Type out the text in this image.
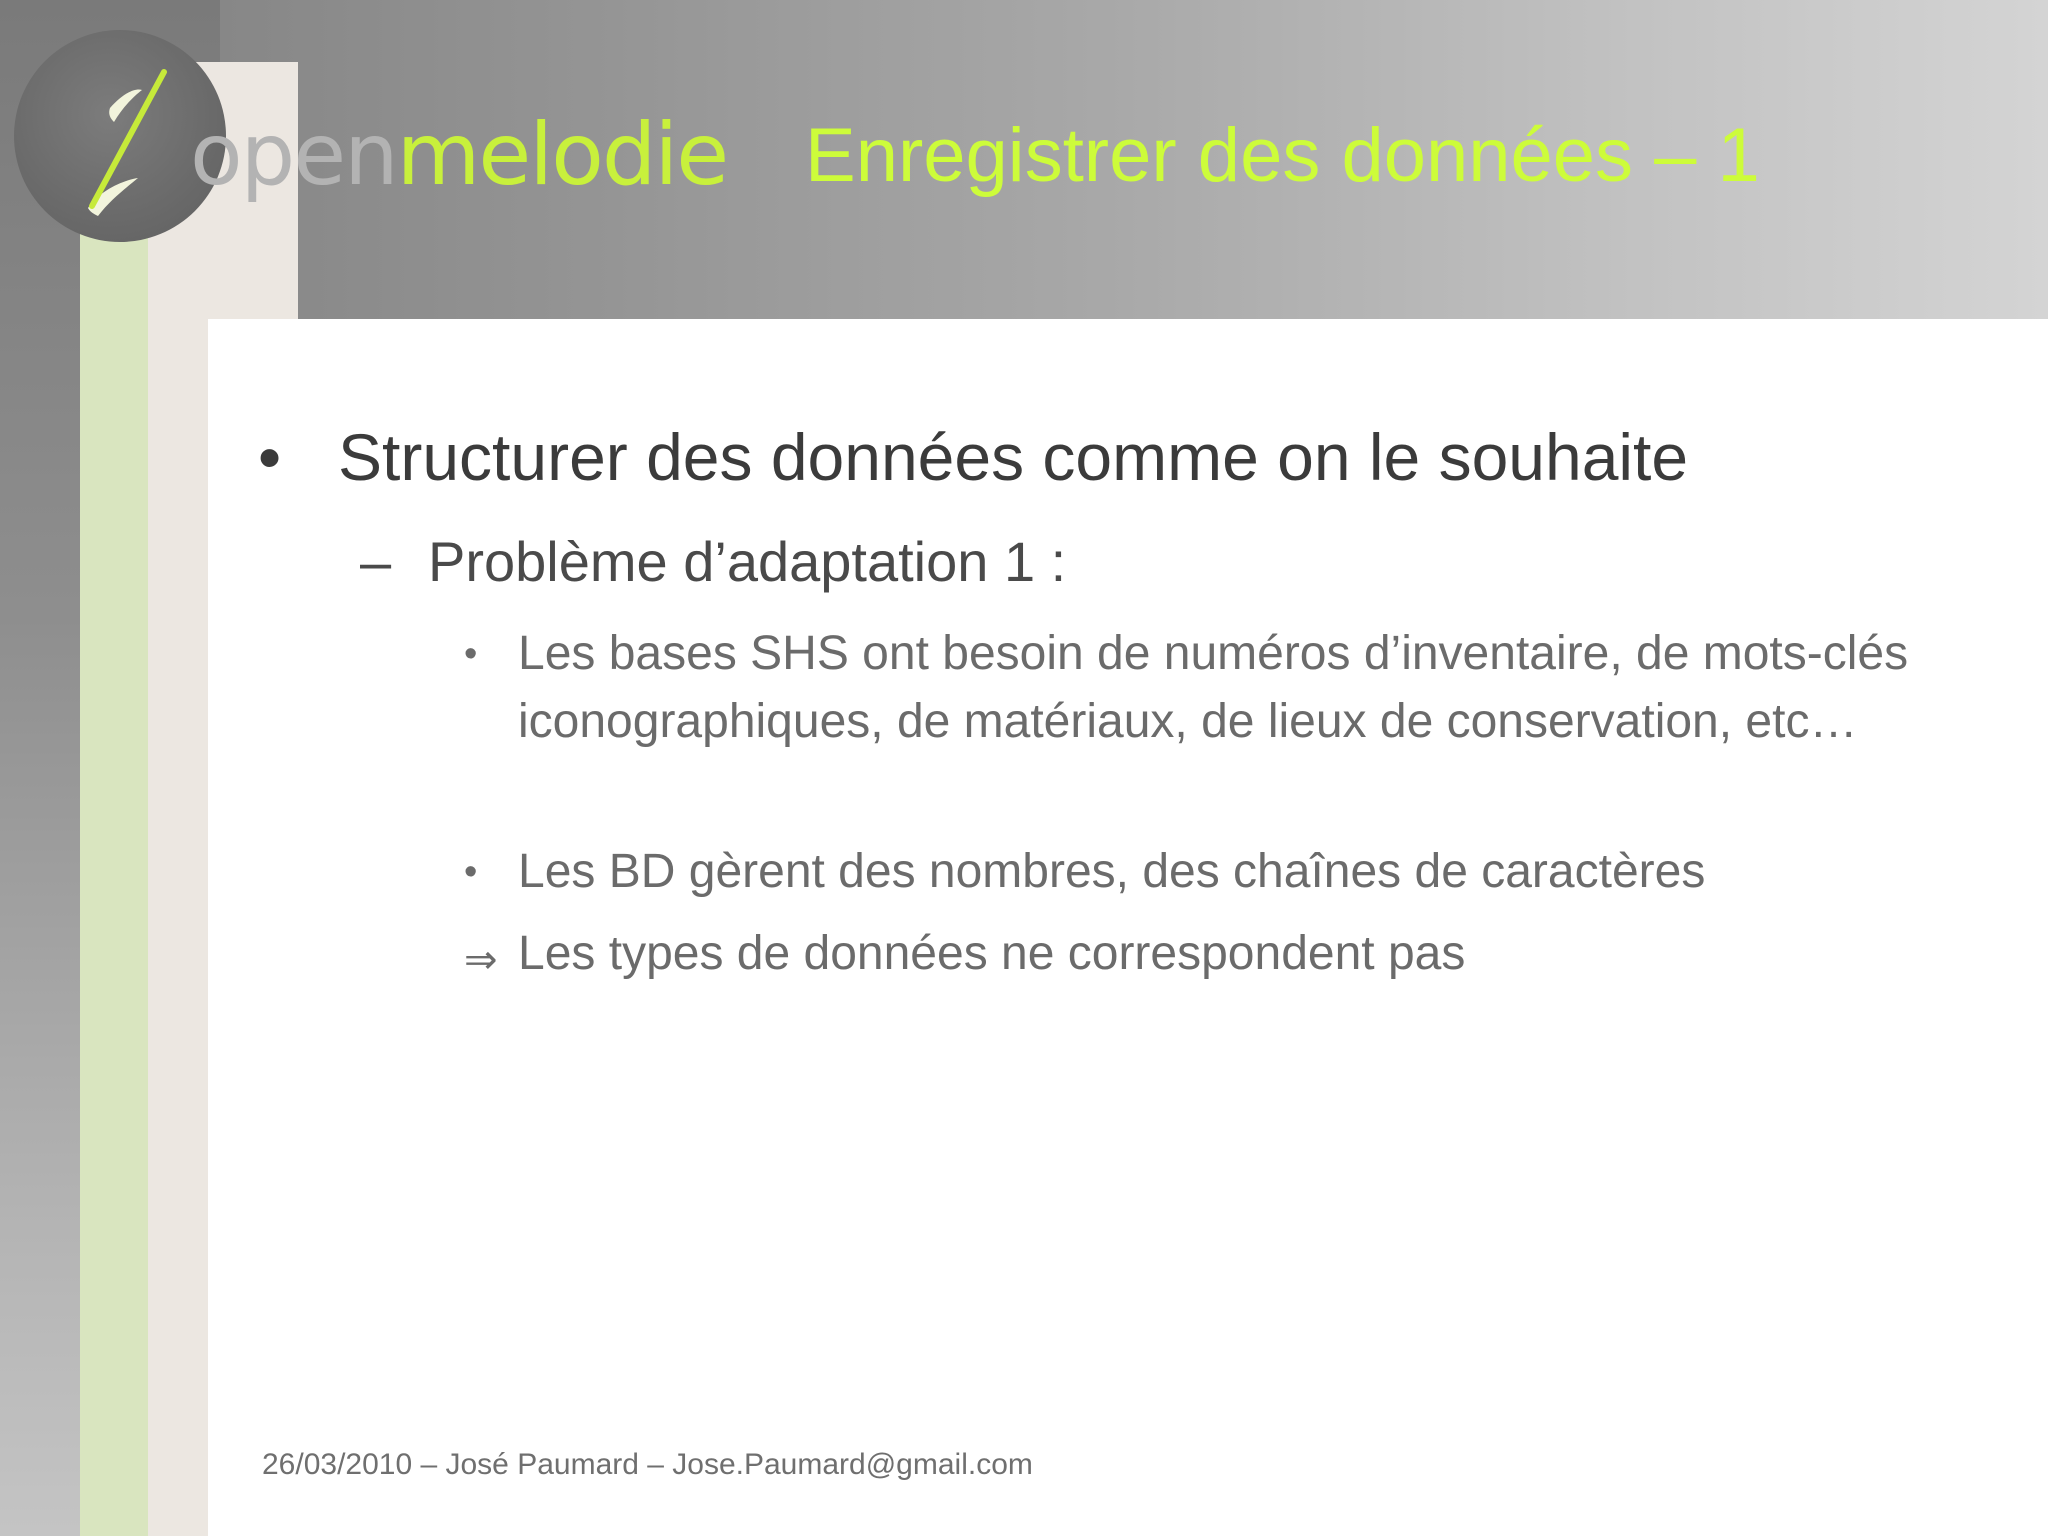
openmelodie Enregistrer des données – 1
• Structurer des données comme on le souhaite
– Problème d’adaptation 1 :
• Les bases SHS ont besoin de numéros d’inventaire, de mots-clés iconographiques, de matériaux, de lieux de conservation, etc…
• Les BD gèrent des nombres, des chaînes de caractères
⇒ Les types de données ne correspondent pas
26/03/2010 – José Paumard – Jose.Paumard@gmail.com
